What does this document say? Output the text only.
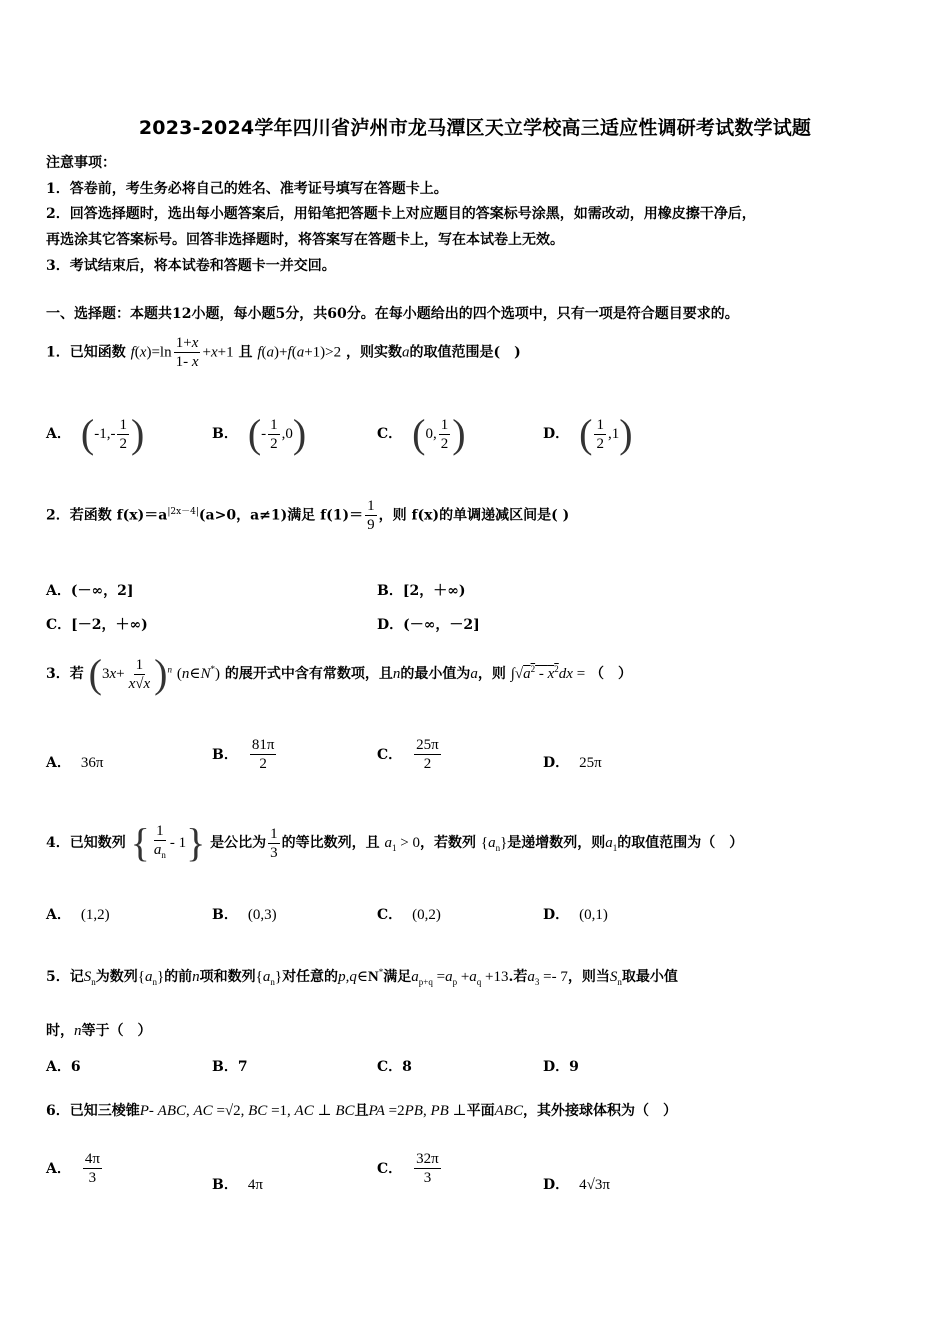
2023-2024学年四川省泸州市龙马潭区天立学校高三适应性调研考试数学试题
注意事项：
1．答卷前，考生务必将自己的姓名、准考证号填写在答题卡上。
2．回答选择题时，选出每小题答案后，用铅笔把答题卡上对应题目的答案标号涂黑，如需改动，用橡皮擦干净后，
再选涂其它答案标号。回答非选择题时，将答案写在答题卡上，写在本试卷上无效。
3．考试结束后，将本试卷和答题卡一并交回。
一、选择题：本题共12小题，每小题5分，共60分。在每小题给出的四个选项中，只有一项是符合题目要求的。
1．已知函数 $f(x)=\ln \frac{1+x}{1- x} +x+1$ 且 f(a)+f(a+1)>2 ，则实数a的取值范围是(　)
A． ($-1,- \frac{1}{2}$ )	B． (- $\frac{1}{2} ,0$)	C． (0, $\frac{1}{2}$ )	D． ( $\frac{1}{2} ,1$)
2．若函数 $f(x)=a^{|2x-4|}(a>0$，a≠1)满足 $f(1)= \frac{1}{9}$ ，则 f(x)的单调递减区间是( )
A．(－∞，2]	B．[2，＋∞)
C．[－2，＋∞)	D．(－∞，－2]
3．若 $(3x+ \frac{1}{x√x} )^n$ (n∈N*) 的展开式中含有常数项，且n的最小值为a，则 $\int√a^2 - x^2dx$ = （　）
A． 36π
B． $\frac{81\pi}{2}$	C． $\frac{25\pi}{2}$	D． 25π
4．已知数列 { $\frac{1}{a_n} - 1$} 是公比为 $\frac{1}{3}$ 的等比数列，且 $a_1 > 0$，若数列 $\{a_n\}$是递增数列，则$a_1$的取值范围为（　）
A． (1,2)	B． (0,3)	C． (0,2)	D． (0,1)
5．记$S_n$为数列$\{a_n\}$的前n项和数列$\{a_n\}$对任意的p,q∈N*满足$a_{p+q} =a_p +a_q +13$.若$a_3 =- 7$，则当$S_n$取最小值
时，n等于（　）
A．6	B．7	C．8	D．9
6．已知三棱锥P- ABC, AC =√2, BC =1, AC ⊥ BC且PA =2PB, PB ⊥平面ABC，其外接球体积为（　）
A． $\frac{4\pi}{3}$	B． 4π
C． $\frac{32\pi}{3}$	D． 4√3π
